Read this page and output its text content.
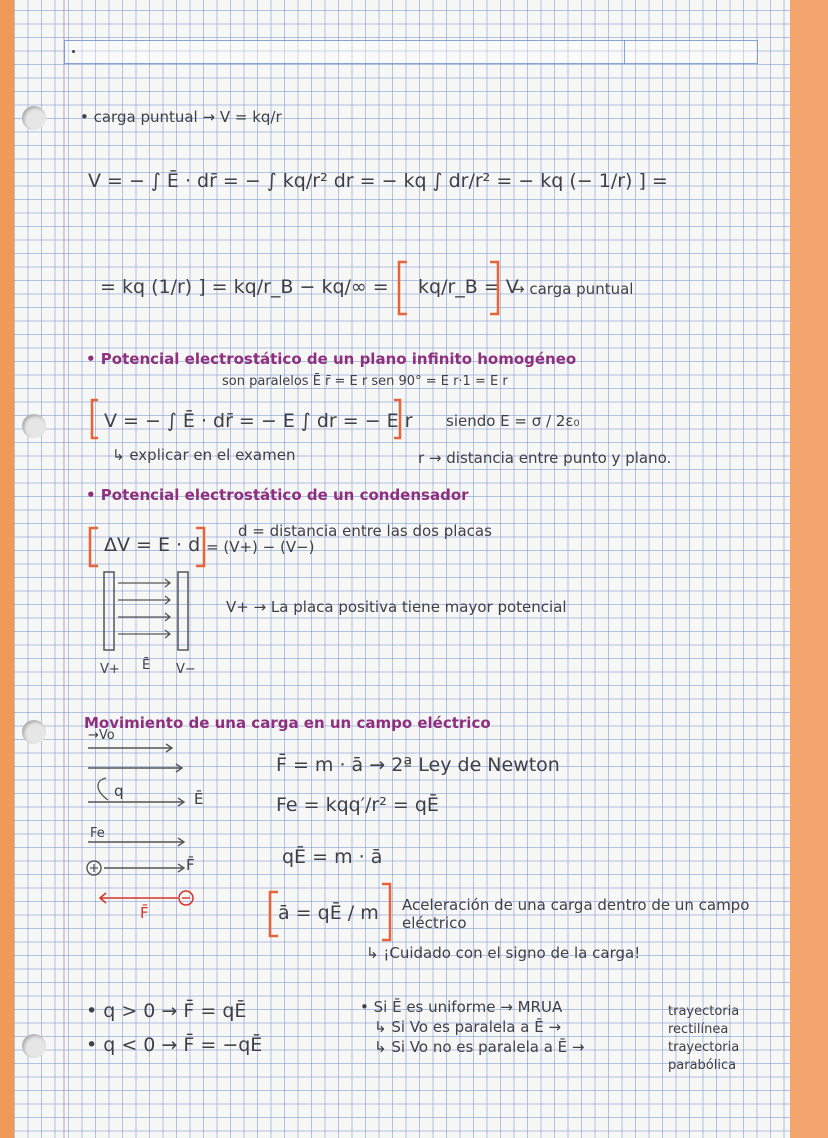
• carga puntual → V = kq/r
V = − ∫ Ē · dr̄ = − ∫ kq/r² dr = − kq ∫ dr/r² = − kq (− 1/r) ] =
= kq (1/r) ] = kq/r_B − kq/∞ = kq/r_B = V
→ carga puntual
• Potencial electrostático de un plano infinito homogéneo
son paralelos Ē r̄ = E r sen 90° = E r·1 = E r
V = − ∫ Ē · dr̄ = − E ∫ dr = − E r siendo E = σ / 2ε₀
↳ explicar en el examen	r → distancia entre punto y plano.
• Potencial electrostático de un condensador
d = distancia entre las dos placas
ΔV = E · d = (V+) − (V−)
V+ → La placa positiva tiene mayor potencial
V+ Ē V−
Movimiento de una carga en un campo eléctrico
F̄ = m · ā → 2ª Ley de Newton
Fe = kqq′/r² = qĒ
qĒ = m · ā
ā = qĒ / m Aceleración de una carga dentro de un campo eléctrico
↳ ¡Cuidado con el signo de la carga!
→Vo
q	Ē
Fe
F̄
F̄
• q > 0 → F̄ = qĒ
• q < 0 → F̄ = −qĒ
• Si Ē es uniforme → MRUA
↳ Si Vo es paralela a Ē →
↳ Si Vo no es paralela a Ē →
trayectoria
rectilínea
trayectoria
parabólica
